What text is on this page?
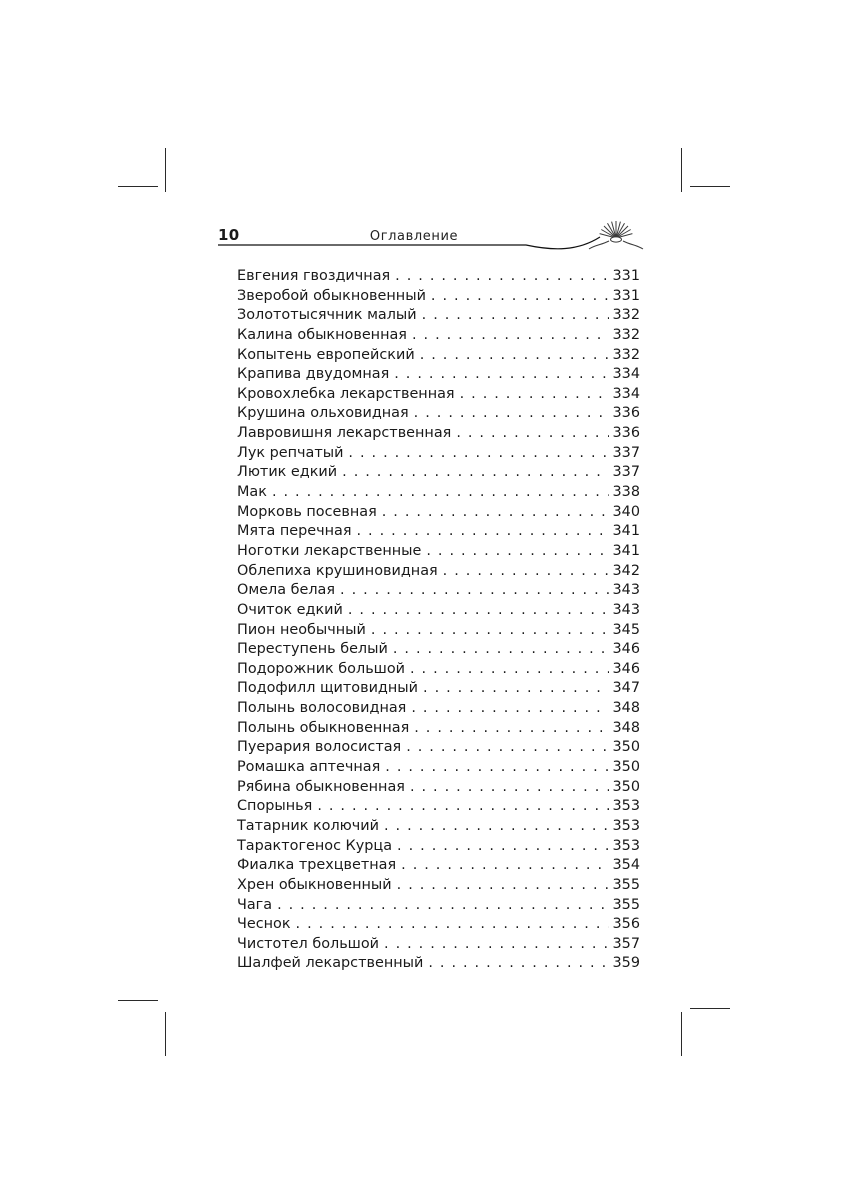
10	Оглавление
Евгения гвоздичная . . .	331
Зверобой обыкновенный . . .	331
Золототысячник малый . . .	332
Калина обыкновенная . . .	332
Копытень европейский . . .	332
Крапива двудомная . . .	334
Кровохлебка лекарственная . . .	334
Крушина ольховидная . . .	336
Лавровишня лекарственная . . .	336
Лук репчатый . . .	337
Лютик едкий . . .	337
Мак . . .	338
Морковь посевная . . .	340
Мята перечная . . .	341
Ноготки лекарственные . . .	341
Облепиха крушиновидная . . .	342
Омела белая . . .	343
Очиток едкий . . .	343
Пион необычный . . .	345
Переступень белый . . .	346
Подорожник большой . . .	346
Подофилл щитовидный . . .	347
Полынь волосовидная . . .	348
Полынь обыкновенная . . .	348
Пуерария волосистая . . .	350
Ромашка аптечная . . .	350
Рябина обыкновенная . . .	350
Спорынья . . .	353
Татарник колючий . . .	353
Тарактогенос Курца . . .	353
Фиалка трехцветная . . .	354
Хрен обыкновенный . . .	355
Чага . . .	355
Чеснок . . .	356
Чистотел большой . . .	357
Шалфей лекарственный . . .	359
